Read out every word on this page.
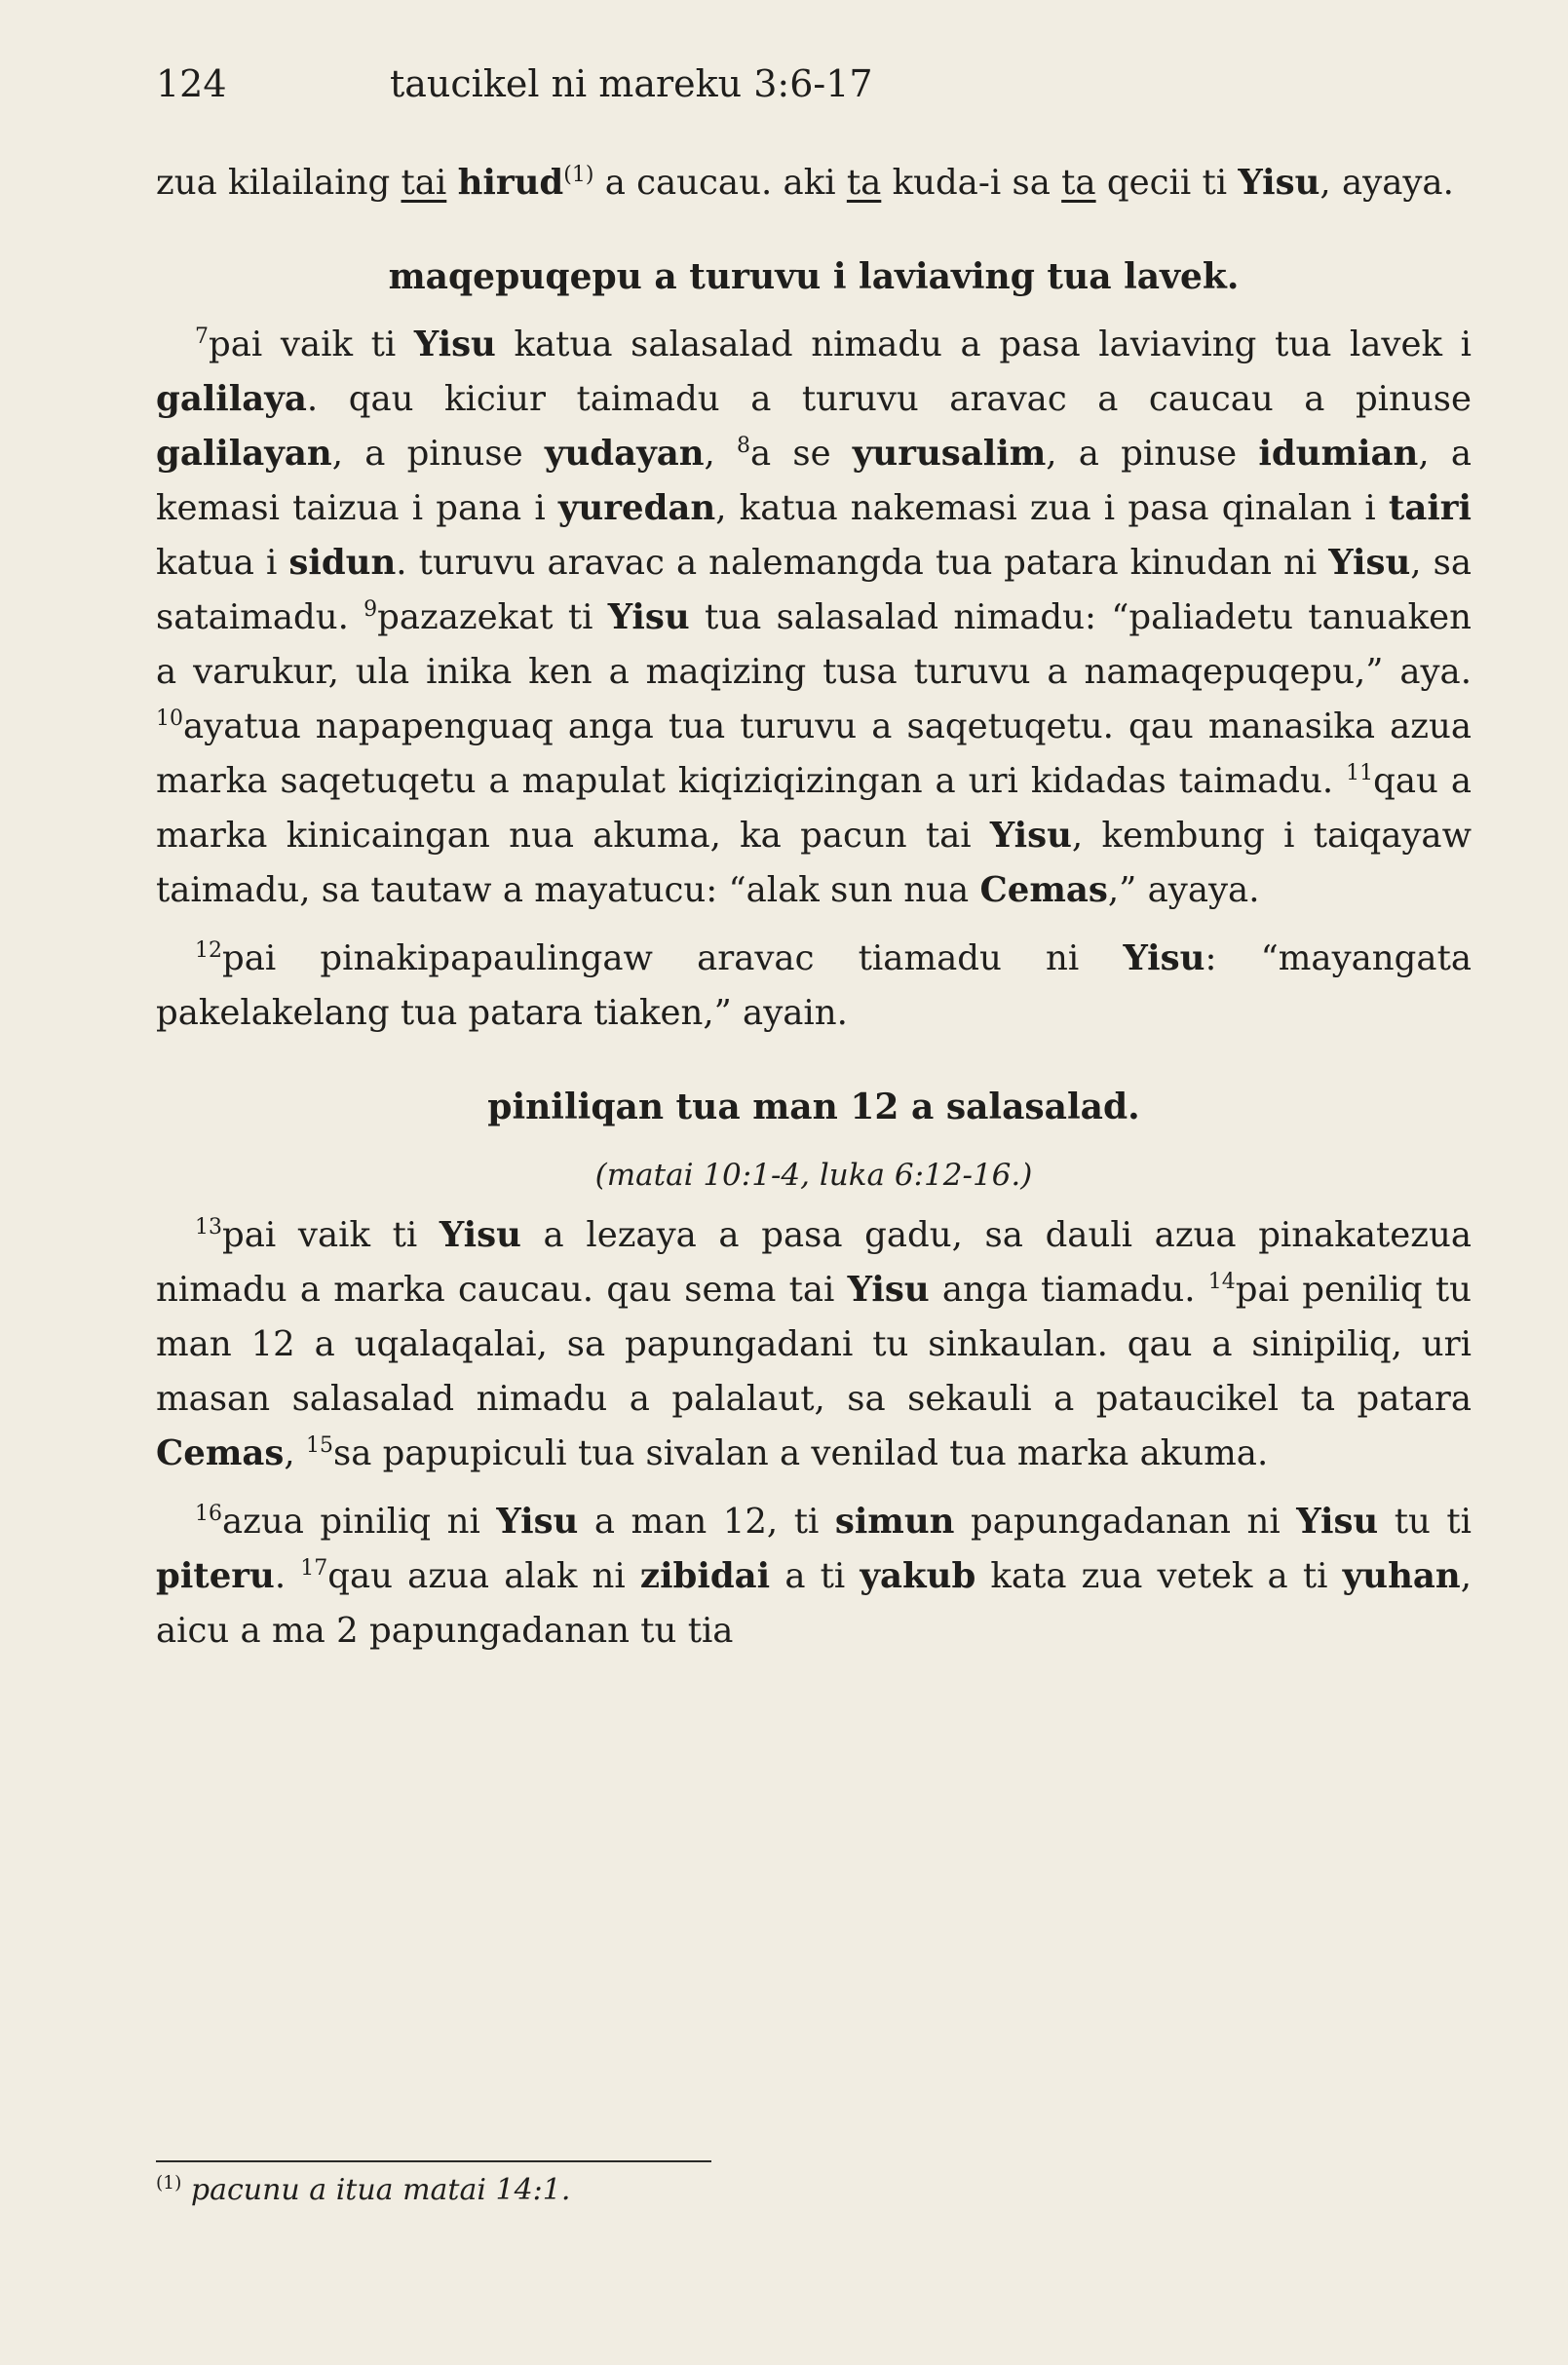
124	taucikel ni mareku 3:6-17

zua kilailaing tai hirud$^{(1)}$ a caucau. aki ta kuda-i sa ta qecii ti Yisu, ayaya.

maqepuqepu a turuvu i laviaving tua lavek.

$^7$pai vaik ti Yisu katua salasalad nimadu a pasa laviaving tua lavek i galilaya. qau kiciur taimadu a turuvu aravac a caucau a pinuse galilayan, a pinuse yudayan, $^8$a se yurusalim, a pinuse idumian, a kemasi taizua i pana i yuredan, katua nakemasi zua i pasa qinalan i tairi katua i sidun. turuvu aravac a nalemangda tua patara kinudan ni Yisu, sa sataimadu. $^9$pazazekat ti Yisu tua salasalad nimadu: “paliadetu tanuaken a varukur, ula inika ken a maqizing tusa turuvu a namaqepuqepu,” aya. $^{10}$ayatua napapenguaq anga tua turuvu a saqetuqetu. qau manasika azua marka saqetuqetu a mapulat kiqiziqizingan a uri kidadas taimadu. $^{11}$qau a marka kinicaingan nua akuma, ka pacun tai Yisu, kembung i taiqayaw taimadu, sa tautaw a mayatucu: “alak sun nua Cemas,” ayaya.

$^{12}$pai pinakipapaulingaw aravac tiamadu ni Yisu: “mayangata pakelakelang tua patara tiaken,” ayain.

piniliqan tua man 12 a salasalad.

(matai 10:1-4, luka 6:12-16.)

$^{13}$pai vaik ti Yisu a lezaya a pasa gadu, sa dauli azua pinakatezua nimadu a marka caucau. qau sema tai Yisu anga tiamadu. $^{14}$pai peniliq tu man 12 a uqalaqalai, sa papungadani tu sinkaulan. qau a sinipiliq, uri masan salasalad nimadu a palalaut, sa sekauli a pataucikel ta patara Cemas, $^{15}$sa papupiculi tua sivalan a venilad tua marka akuma.

$^{16}$azua piniliq ni Yisu a man 12, ti simun papungadanan ni Yisu tu ti piteru. $^{17}$qau azua alak ni zibidai a ti yakub kata zua vetek a ti yuhan, aicu a ma 2 papungadanan tu tia

$^{(1)}$ pacunu a itua matai 14:1.
